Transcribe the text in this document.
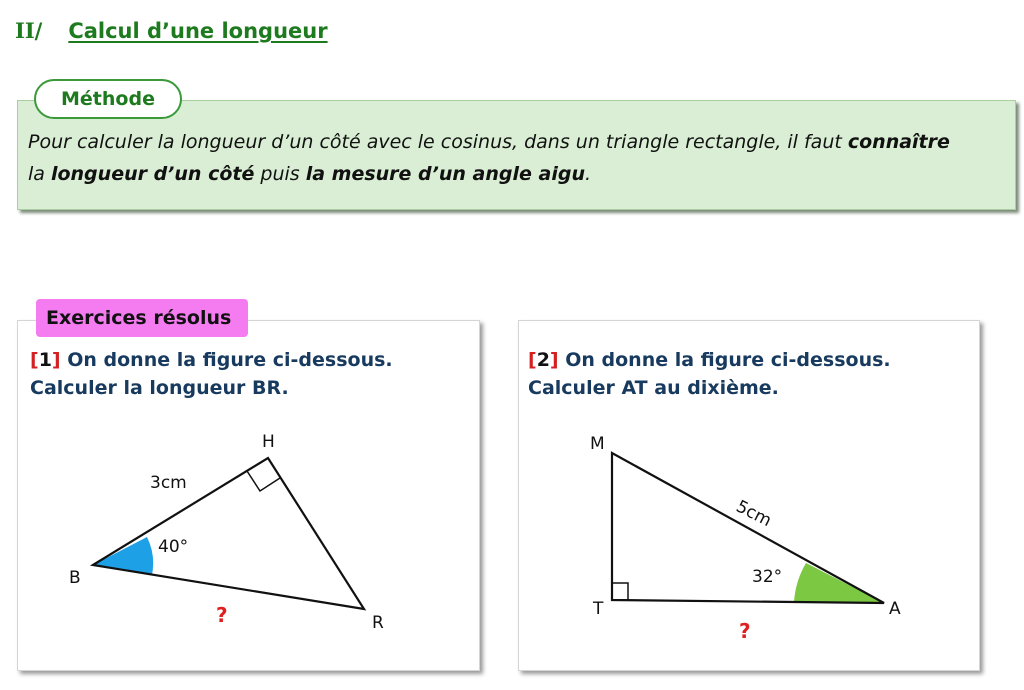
II/ Calcul d’une longueur
Méthode
Pour calculer la longueur d’un côté avec le cosinus, dans un triangle rectangle, il faut connaître
la longueur d’un côté puis la mesure d’un angle aigu.
Exercices résolus
[1] On donne la figure ci-dessous.
Calculer la longueur BR.
[2] On donne la figure ci-dessous.
Calculer AT au dixième.
H
B
R
3cm
40°
?
M
T	A
5cm
32°
?
